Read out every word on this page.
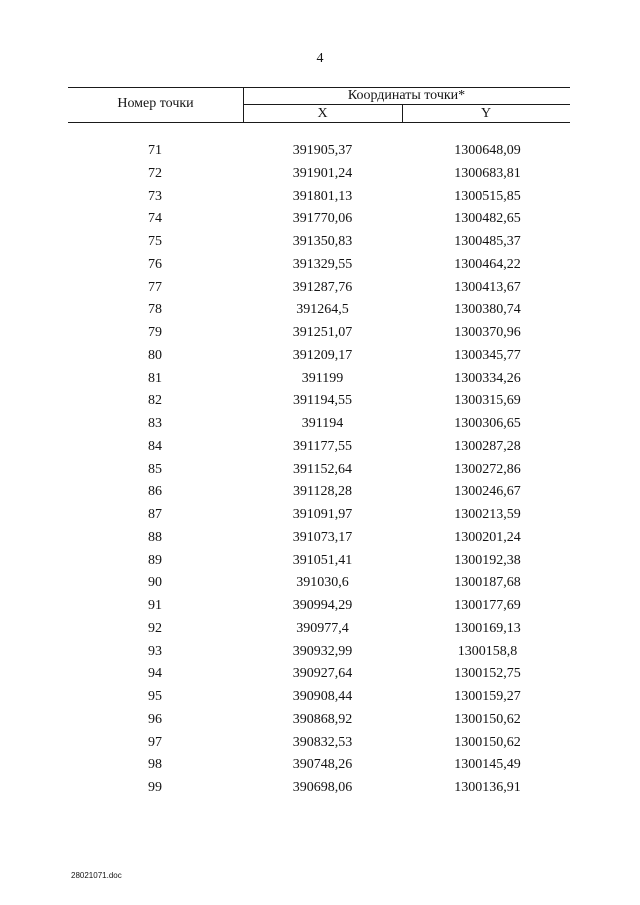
4
Номер точки
Координаты точки*
X	Y
71	391905,37	1300648,09
72	391901,24	1300683,81
73	391801,13	1300515,85
74	391770,06	1300482,65
75	391350,83	1300485,37
76	391329,55	1300464,22
77	391287,76	1300413,67
78	391264,5	1300380,74
79	391251,07	1300370,96
80	391209,17	1300345,77
81	391199	1300334,26
82	391194,55	1300315,69
83	391194	1300306,65
84	391177,55	1300287,28
85	391152,64	1300272,86
86	391128,28	1300246,67
87	391091,97	1300213,59
88	391073,17	1300201,24
89	391051,41	1300192,38
90	391030,6	1300187,68
91	390994,29	1300177,69
92	390977,4	1300169,13
93	390932,99	1300158,8
94	390927,64	1300152,75
95	390908,44	1300159,27
96	390868,92	1300150,62
97	390832,53	1300150,62
98	390748,26	1300145,49
99	390698,06	1300136,91
28021071.doc
